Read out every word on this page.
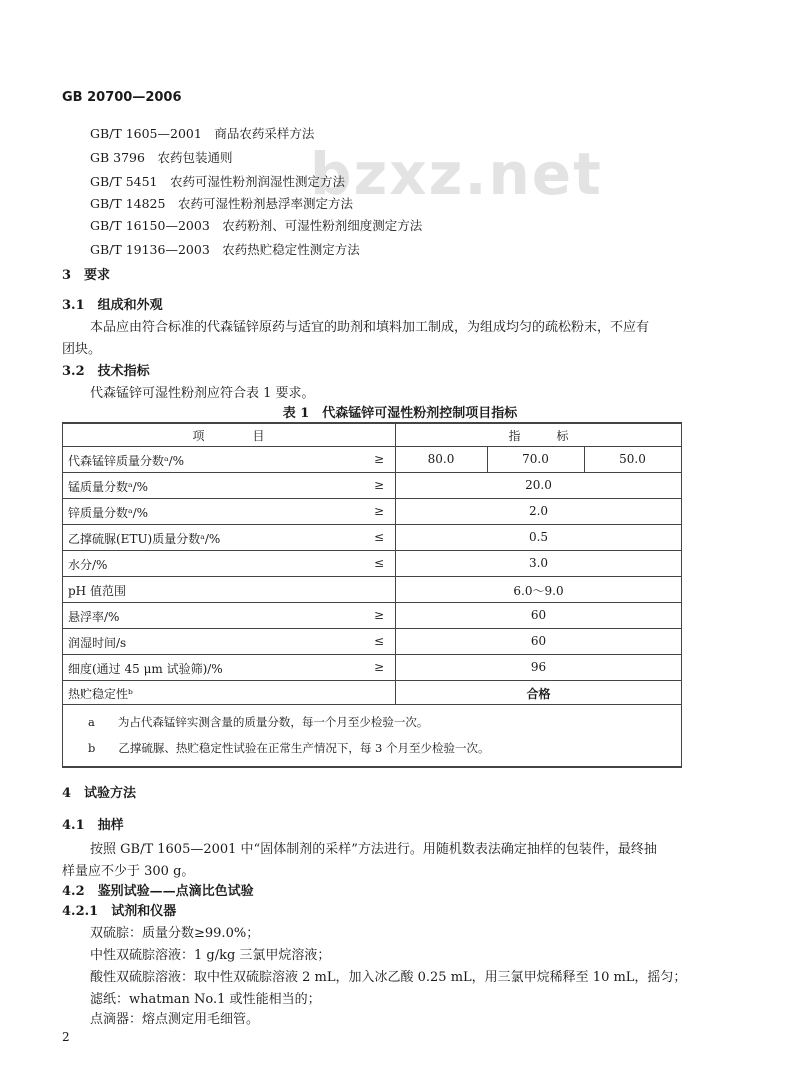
bzxz.net
GB 20700—2006
GB/T 1605—2001　 商品农药采样方法
GB 3796　 农药包装通则
GB/T 5451　 农药可湿性粉剂润湿性测定方法
GB/T 14825　 农药可湿性粉剂悬浮率测定方法
GB/T 16150—2003　 农药粉剂、可湿性粉剂细度测定方法
GB/T 19136—2003　 农药热贮稳定性测定方法
3　要求
3.1　组成和外观
本品应由符合标准的代森锰锌原药与适宜的助剂和填料加工制成，为组成均匀的疏松粉末，不应有
团块。
3.2　技术指标
代森锰锌可湿性粉剂应符合表 1 要求。
表 1　代森锰锌可湿性粉剂控制项目指标
项　　　　目	指　　　标
代森锰锌质量分数ᵃ/%	≥	80.0	70.0	50.0
锰质量分数ᵃ/%	≥	20.0
锌质量分数ᵃ/%	≥	2.0
乙撑硫脲(ETU)质量分数ᵃ/%	≤	0.5
水分/%	≤	3.0
pH 值范围	6.0～9.0
悬浮率/%	≥	60
润湿时间/s	≤	60
细度(通过 45 μm 试验筛)/%	≥	96
热贮稳定性ᵇ	合格
a　　 为占代森锰锌实测含量的质量分数，每一个月至少检验一次。
b　　 乙撑硫脲、热贮稳定性试验在正常生产情况下，每 3 个月至少检验一次。
4　试验方法
4.1　抽样
按照 GB/T 1605—2001 中“固体制剂的采样”方法进行。用随机数表法确定抽样的包装件，最终抽
样量应不少于 300 g。
4.2　鉴别试验——点滴比色试验
4.2.1　试剂和仪器
双硫腙：质量分数≥99.0%；
中性双硫腙溶液：1 g/kg 三氯甲烷溶液；
酸性双硫腙溶液：取中性双硫腙溶液 2 mL，加入冰乙酸 0.25 mL，用三氯甲烷稀释至 10 mL，摇匀；
滤纸：whatman No.1 或性能相当的；
点滴器：熔点测定用毛细管。
2
